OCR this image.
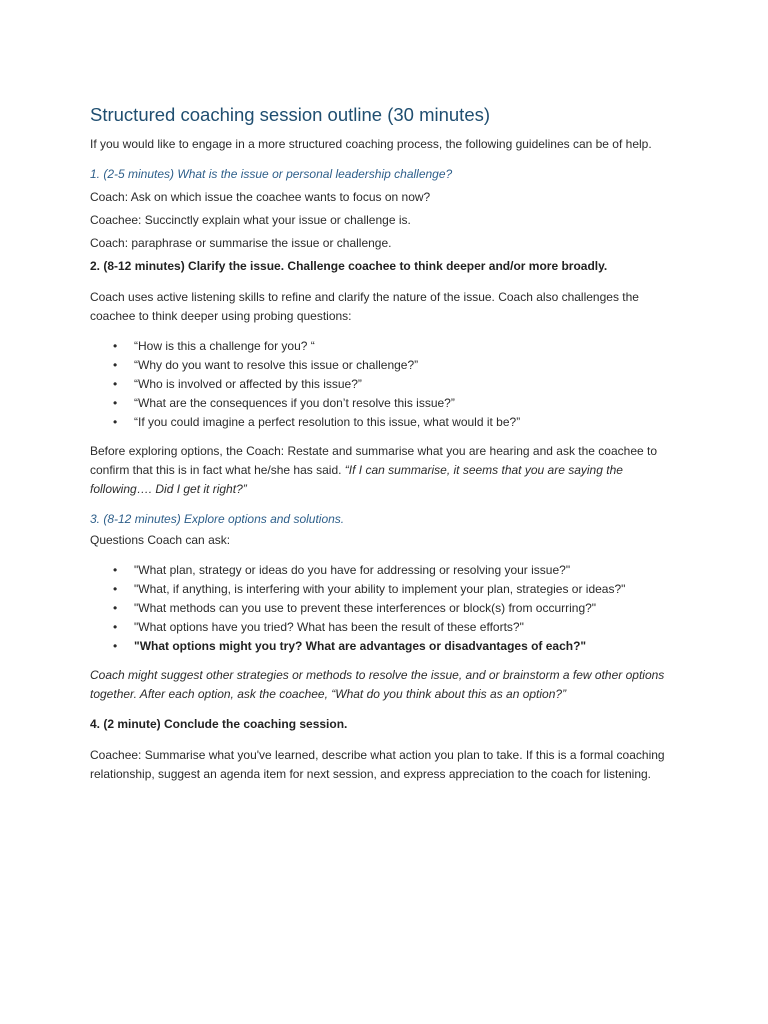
Structured coaching session outline (30 minutes)

If you would like to engage in a more structured coaching process, the following guidelines can be of help.

1. (2-5 minutes) What is the issue or personal leadership challenge?

Coach: Ask on which issue the coachee wants to focus on now?

Coachee: Succinctly explain what your issue or challenge is.

Coach: paraphrase or summarise the issue or challenge.

2. (8-12 minutes) Clarify the issue. Challenge coachee to think deeper and/or more broadly.

Coach uses active listening skills to refine and clarify the nature of the issue. Coach also challenges the coachee to think deeper using probing questions:

• “How is this a challenge for you? “
• “Why do you want to resolve this issue or challenge?”
• “Who is involved or affected by this issue?”
• “What are the consequences if you don’t resolve this issue?”
• “If you could imagine a perfect resolution to this issue, what would it be?”

Before exploring options, the Coach: Restate and summarise what you are hearing and ask the coachee to confirm that this is in fact what he/she has said. “If I can summarise, it seems that you are saying the following…. Did I get it right?”

3. (8-12 minutes) Explore options and solutions.

Questions Coach can ask:

• "What plan, strategy or ideas do you have for addressing or resolving your issue?"
• "What, if anything, is interfering with your ability to implement your plan, strategies or ideas?"
• "What methods can you use to prevent these interferences or block(s) from occurring?"
• "What options have you tried? What has been the result of these efforts?"
• "What options might you try? What are advantages or disadvantages of each?"

Coach might suggest other strategies or methods to resolve the issue, and or brainstorm a few other options together. After each option, ask the coachee, “What do you think about this as an option?”

4. (2 minute) Conclude the coaching session.

Coachee: Summarise what you've learned, describe what action you plan to take. If this is a formal coaching relationship, suggest an agenda item for next session, and express appreciation to the coach for listening.
